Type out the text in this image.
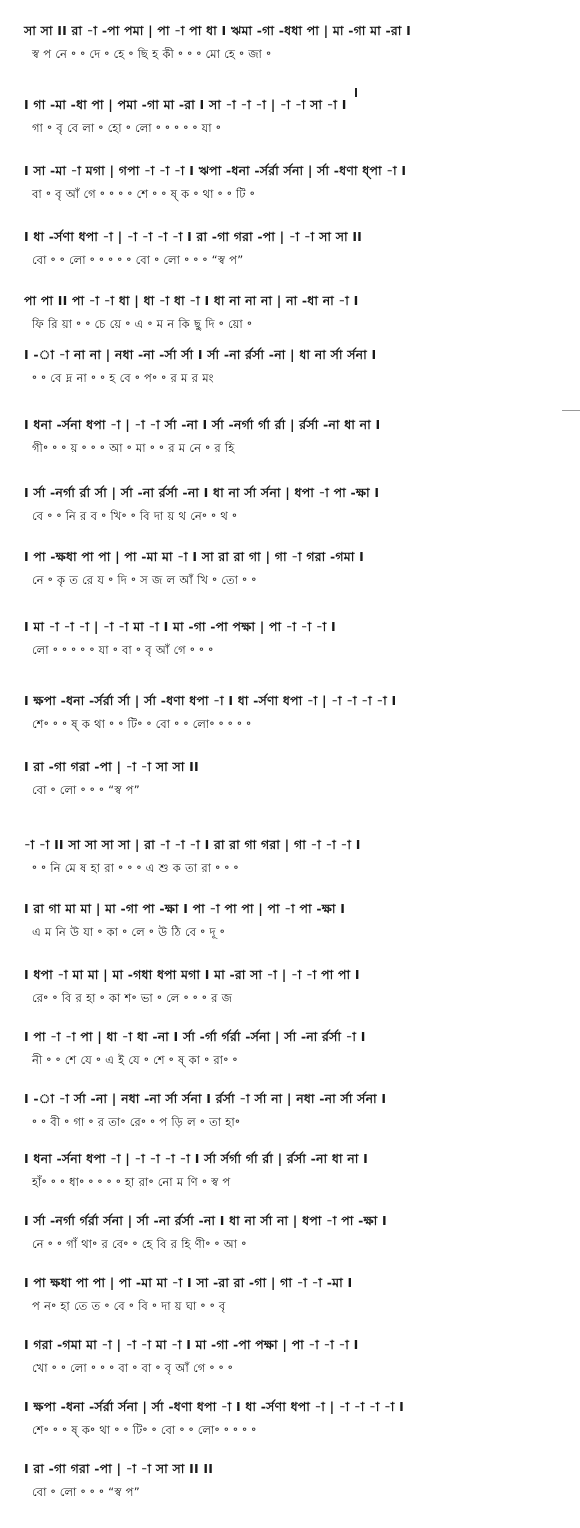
সা সা II রা -া -পা পমা | পা -া পা ধা I ঋমা -গা -ধধা পা | মা -গা মা -রা I
স্ব প নে ॰ ॰ দে ॰ হে ॰ ছি হ কী ॰ ॰ ॰ মো হে ॰ জা ॰
I গা -মা -ধা পা | পমা -গা মা -রা I সা -া -া -া | -া -া সা -া I
গা ॰ বৃ বে লা ॰ হো ॰ লো ॰ ॰ ॰ ॰ ॰ যা ॰
I সা -মা -া মগা | গপা -া -া -া I ঋপা -ধনা -র্সর্রা র্সনা | র্সা -ধণা ধ্পা -া I
বা ॰ বৃ আঁ গে ॰ ॰ ॰ ॰ শে ॰ ॰ ষ্ ক ॰ থা ॰ ॰ টি ॰
I ধা -র্সণা ধপা -া | -া -া -া -া I রা -গা গরা -পা | -া -া সা সা II
বো ॰ ॰ লো ॰ ॰ ॰ ॰ ॰ বো ॰ লো ॰ ॰ ॰ “স্ব প”
পা পা II পা -া -া ধা | ধা -া ধা -া I ধা না না না | না -ধা না -া I
ফি রি য়া ॰ ॰ চে য়ে ॰ এ ॰ ম ন কি ছু দি ॰ য়ো ॰
I -া -া না না | নধা -না -র্সা র্সা I র্সা -না র্রর্সা -না | ধা না র্সা র্সনা I
॰ ॰ বে দ্ন না ॰ ॰ হ বে ॰ প॰ ॰ র ম র মং
I ধনা -র্সনা ধপা -া | -া -া র্সা -না I র্সা -নর্গা র্গা র্রা | র্রর্সা -না ধা না I
গী॰ ॰ ॰ য় ॰ ॰ ॰ আ ॰ মা ॰ ॰ র ম নে ॰ র হি
I র্সা -নর্গা র্রা র্সা | র্সা -না র্রর্সা -না I ধা না র্সা র্সনা | ধপা -া পা -ক্ষা I
বে ॰ ॰ নি র ব ॰ খি॰ ॰ বি দা য় থ নে॰ ॰ থ ॰
I পা -ক্ষধা পা পা | পা -মা মা -া I সা রা রা গা | গা -া গরা -গমা I
নে ॰ কৃ ত রে য ॰ দি ॰ স জ ল আঁ খি ॰ তো ॰ ॰
I মা -া -া -া | -া -া মা -া I মা -গা -পা পক্ষা | পা -া -া -া I
লো ॰ ॰ ॰ ॰ ॰ যা ॰ বা ॰ বৃ আঁ গে ॰ ॰ ॰
I ক্ষপা -ধনা -র্সর্রা র্সা | র্সা -ধণা ধপা -া I ধা -র্সণা ধপা -া | -া -া -া -া I
শে॰ ॰ ॰ ষ্ ক থা ॰ ॰ টি॰ ॰ বো ॰ ॰ লো॰ ॰ ॰ ॰ ॰
I রা -গা গরা -পা | -া -া সা সা II
বো ॰ লো ॰ ॰ ॰ “স্ব প”
-া -া II সা সা সা সা | রা -া -া -া I রা রা গা গরা | গা -া -া -া I
॰ ॰ নি মে ষ হা রা ॰ ॰ ॰ এ শু ক তা রা ॰ ॰ ॰
I রা গা মা মা | মা -গা পা -ক্ষা I পা -া পা পা | পা -া পা -ক্ষা I
এ ম নি উ যা ॰ কা ॰ লে ॰ উ ঠি বে ॰ দূ ॰
I ধপা -া মা মা | মা -গধা ধপা মগা I মা -রা সা -া | -া -া পা পা I
রে॰ ॰ বি র হা ॰ কা শ॰ ভা ॰ লে ॰ ॰ ॰ র জ
I পা -া -া পা | ধা -া ধা -না I র্সা -র্গা র্গর্রা -র্সনা | র্সা -না র্রর্সা -া I
নী ॰ ॰ শে যে ॰ এ ই যে ॰ শে ॰ ষ্ কা ॰ রা॰ ॰
I -া -া র্সা -না | নধা -না র্সা র্সনা I র্রর্সা -া র্সা না | নধা -না র্সা র্সনা I
॰ ॰ বী ॰ গা ॰ র তা॰ রে॰ ॰ প ড়ি ল ॰ তা হা॰
I ধনা -র্সনা ধপা -া | -া -া -া -া I র্সা র্সর্গা র্গা র্রা | র্রর্সা -না ধা না I
হাঁ॰ ॰ ॰ ধা॰ ॰ ॰ ॰ ॰ হা রা॰ নো ম ণি ॰ স্ব প
I র্সা -নর্গা র্গর্রা র্সনা | র্সা -না র্রর্সা -না I ধা না র্সা না | ধপা -া পা -ক্ষা I
নে ॰ ॰ গাঁ থা॰ র বে॰ ॰ হে বি র হি ণী॰ ॰ আ ॰
I পা ক্ষধা পা পা | পা -মা মা -া I সা -রা রা -গা | গা -া -া -মা I
প ন॰ হা তে ত ॰ বে ॰ বি ॰ দা য় ঘা ॰ ॰ বৃ
I গরা -গমা মা -া | -া -া মা -া I মা -গা -পা পক্ষা | পা -া -া -া I
খো ॰ ॰ লো ॰ ॰ ॰ বা ॰ বা ॰ বৃ আঁ গে ॰ ॰ ॰
I ক্ষপা -ধনা -র্সর্রা র্সনা | র্সা -ধণা ধপা -া I ধা -র্সণা ধপা -া | -া -া -া -া I
শে॰ ॰ ॰ ষ্ ক॰ থা ॰ ॰ টি॰ ॰ বো ॰ ॰ লো॰ ॰ ॰ ॰ ॰
I রা -গা গরা -পা | -া -া সা সা II II
বো ॰ লো ॰ ॰ ॰ “স্ব প”
